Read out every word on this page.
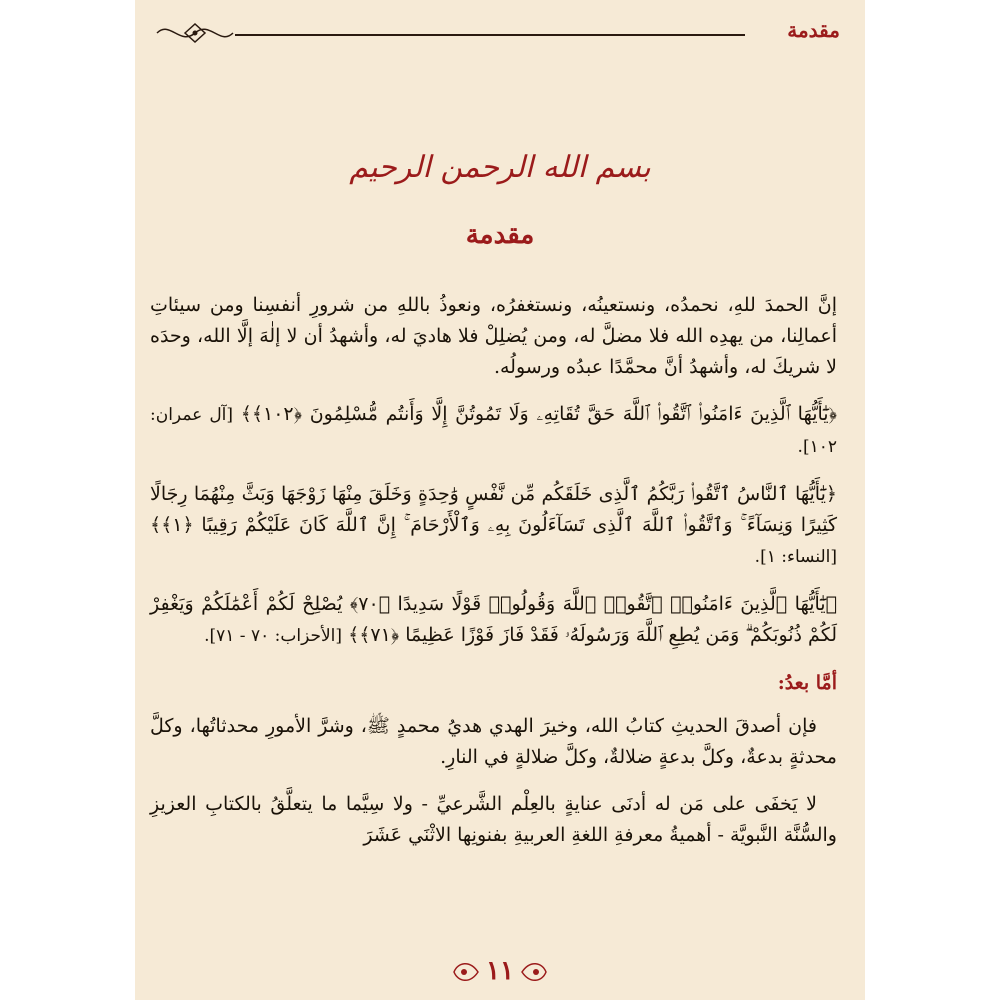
مقدمة
بسم الله الرحمن الرحيم
مقدمة

إنَّ الحمدَ للهِ، نحمدُه، ونستعينُه، ونستغفرُه، ونعوذُ باللهِ من شرورِ أنفسِنا ومن سيئاتِ أعمالِنا، من يهدِه الله فلا مضلَّ له، ومن يُضلِلْ فلا هاديَ له، وأشهدُ أن لا إلٰهَ إلَّا الله، وحدَه لا شريكَ له، وأشهدُ أنَّ محمَّدًا عبدُه ورسولُه.

﴿يَٰٓأَيُّهَا ٱلَّذِينَ ءَامَنُوا۟ ٱتَّقُوا۟ ٱللَّهَ حَقَّ تُقَاتِهِۦ وَلَا تَمُوتُنَّ إِلَّا وَأَنتُم مُّسْلِمُونَ ﴿١٠٢﴾﴾ [آل عمران: ١٠٢].

﴿يَٰٓأَيُّهَا ٱلنَّاسُ ٱتَّقُوا۟ رَبَّكُمُ ٱلَّذِى خَلَقَكُم مِّن نَّفْسٍ وَٰحِدَةٍ وَخَلَقَ مِنْهَا زَوْجَهَا وَبَثَّ مِنْهُمَا رِجَالًا كَثِيرًا وَنِسَآءً ۚ وَٱتَّقُوا۟ ٱللَّهَ ٱلَّذِى تَسَآءَلُونَ بِهِۦ وَٱلْأَرْحَامَ ۚ إِنَّ ٱللَّهَ كَانَ عَلَيْكُمْ رَقِيبًا ﴿١﴾﴾ [النساء: ١].

﴿يَٰٓأَيُّهَا ٱلَّذِينَ ءَامَنُوا۟ ٱتَّقُوا۟ ٱللَّهَ وَقُولُوا۟ قَوْلًا سَدِيدًا ﴿٧٠﴾ يُصْلِحْ لَكُمْ أَعْمَٰلَكُمْ وَيَغْفِرْ لَكُمْ ذُنُوبَكُمْ ۗ وَمَن يُطِعِ ٱللَّهَ وَرَسُولَهُۥ فَقَدْ فَازَ فَوْزًا عَظِيمًا ﴿٧١﴾﴾ [الأحزاب: ٧٠ - ٧١].

أمَّا بعدُ:

فإن أصدقَ الحديثِ كتابُ الله، وخيرَ الهدي هديُ محمدٍ ﷺ، وشرَّ الأمورِ محدثاتُها، وكلَّ محدثةٍ بدعةٌ، وكلَّ بدعةٍ ضلالةٌ، وكلَّ ضلالةٍ في النارِ.

لا يَخفَى على مَن له أدنَى عنايةٍ بالعِلْم الشَّرعيِّ - ولا سِيَّما ما يتعلَّقُ بالكتابِ العزيزِ والسُّنَّة النَّبويَّة - أهميةُ معرفةِ اللغةِ العربيةِ بفنونِها الاثْنَي عَشَرَ

١١
